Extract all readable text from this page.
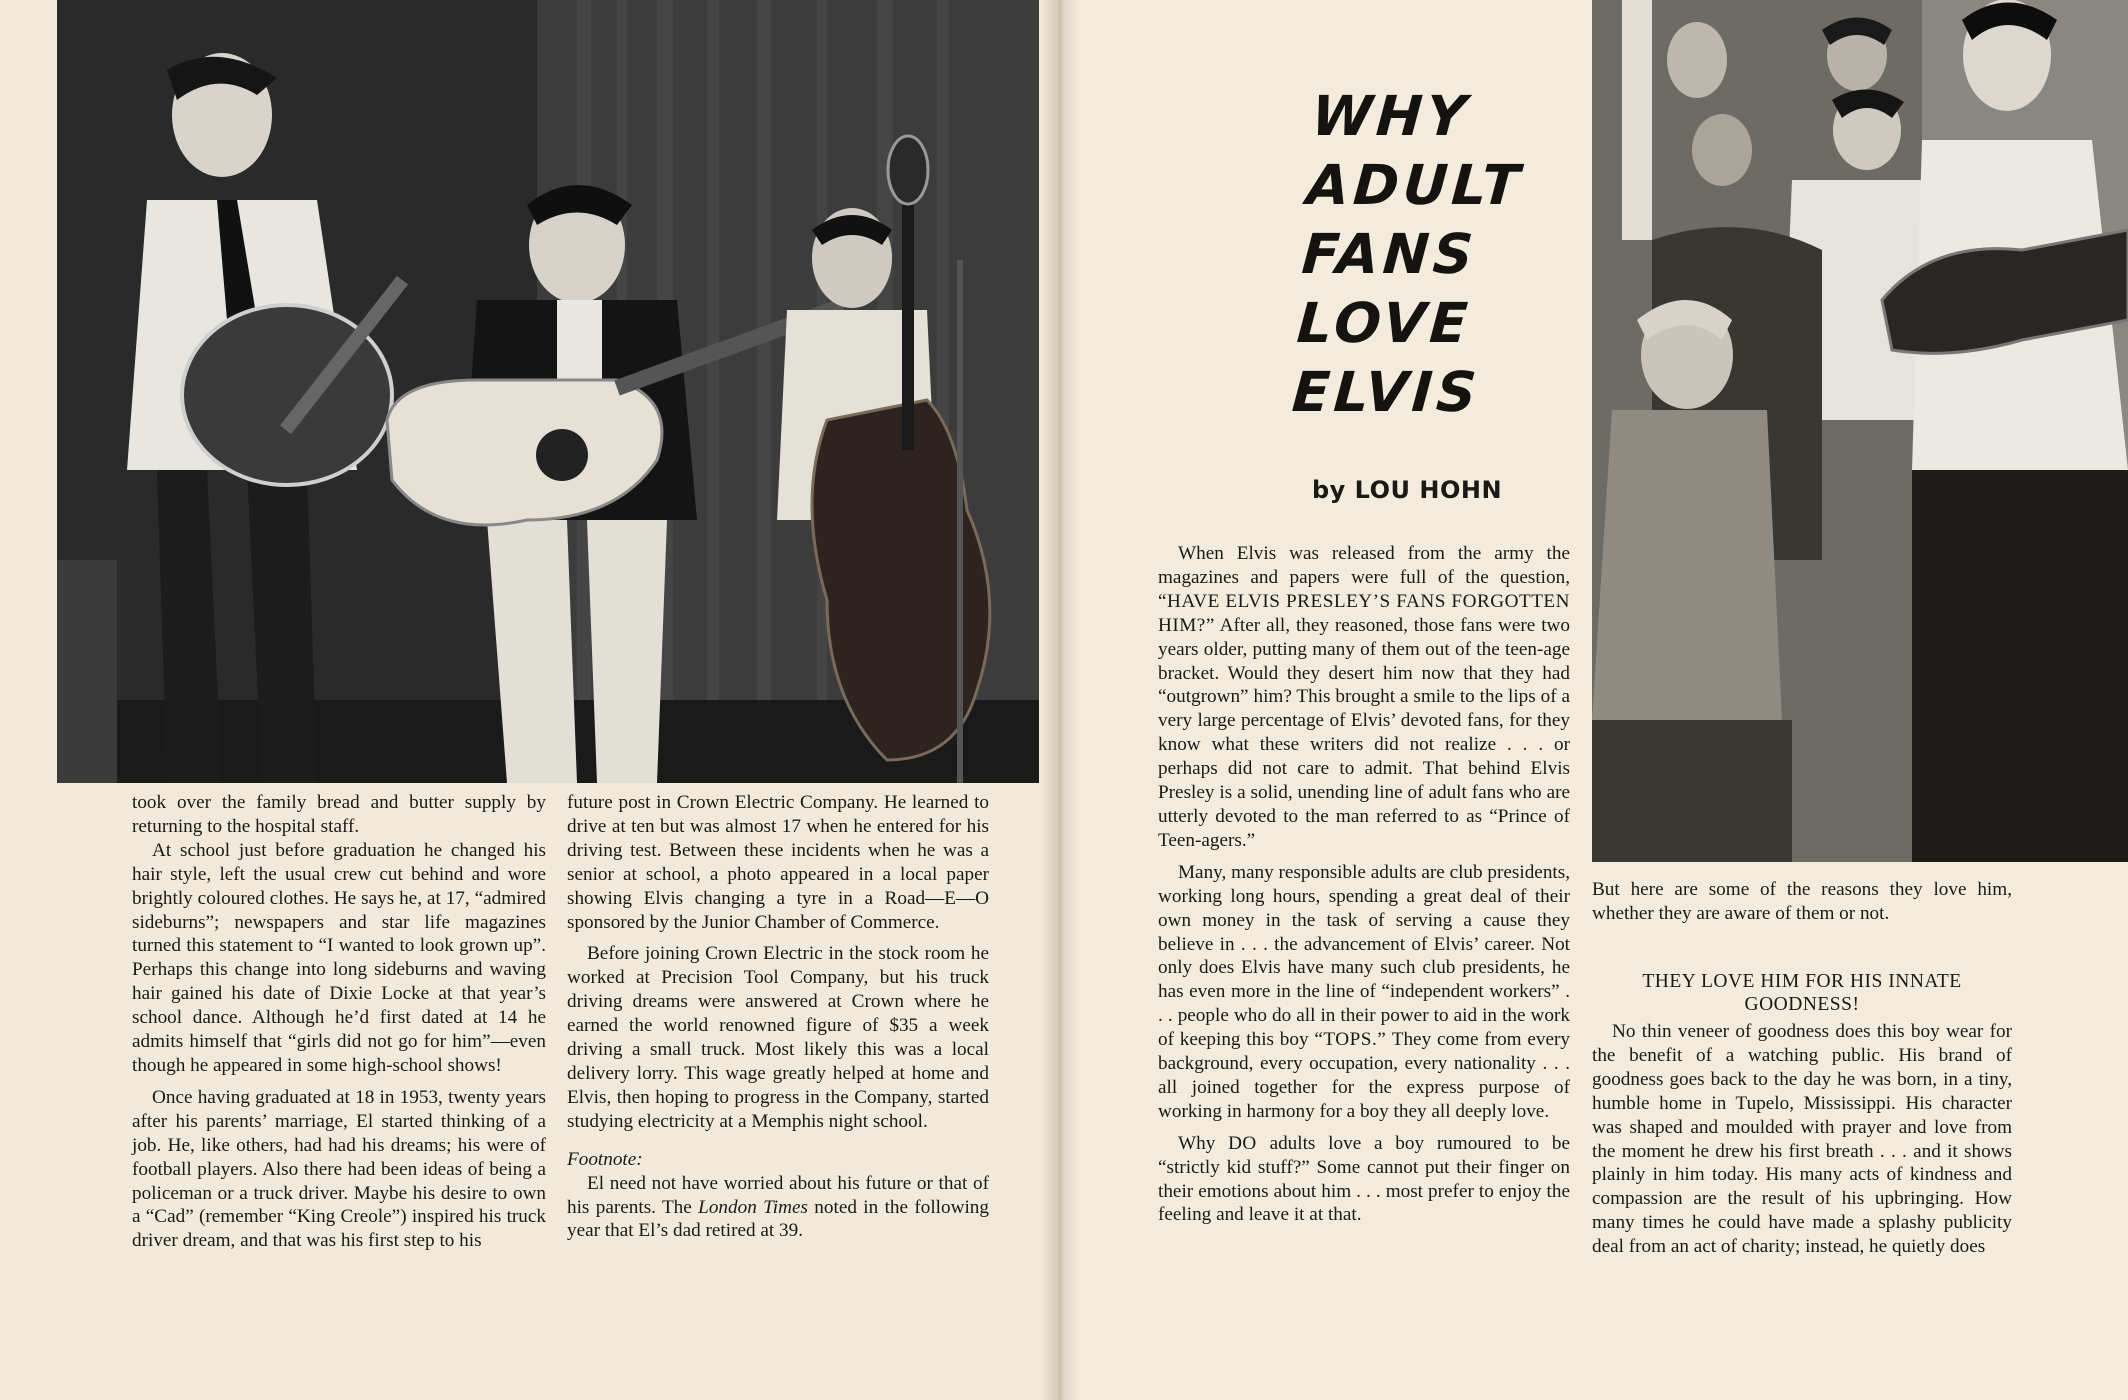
took over the family bread and butter supply by returning to the hospital staff.

At school just before graduation he changed his hair style, left the usual crew cut behind and wore brightly coloured clothes. He says he, at 17, “admired sideburns”; newspapers and star life magazines turned this statement to “I wanted to look grown up”. Perhaps this change into long sideburns and waving hair gained his date of Dixie Locke at that year’s school dance. Although he’d first dated at 14 he admits himself that “girls did not go for him”—even though he appeared in some high-school shows!

Once having graduated at 18 in 1953, twenty years after his parents’ marriage, El started thinking of a job. He, like others, had had his dreams; his were of football players. Also there had been ideas of being a policeman or a truck driver. Maybe his desire to own a “Cad” (remember “King Creole”) inspired his truck driver dream, and that was his first step to his

future post in Crown Electric Company. He learned to drive at ten but was almost 17 when he entered for his driving test. Between these incidents when he was a senior at school, a photo appeared in a local paper showing Elvis changing a tyre in a Road—E—O sponsored by the Junior Chamber of Commerce.

Before joining Crown Electric in the stock room he worked at Precision Tool Company, but his truck driving dreams were answered at Crown where he earned the world renowned figure of $35 a week driving a small truck. Most likely this was a local delivery lorry. This wage greatly helped at home and Elvis, then hoping to progress in the Company, started studying electricity at a Memphis night school.

Footnote:

El need not have worried about his future or that of his parents. The London Times noted in the following year that El’s dad retired at 39.

WHY
ADULT
FANS
LOVE
ELVIS
by LOU HOHN

When Elvis was released from the army the magazines and papers were full of the question, “HAVE ELVIS PRESLEY’S FANS FORGOTTEN HIM?” After all, they reasoned, those fans were two years older, putting many of them out of the teen-age bracket. Would they desert him now that they had “outgrown” him? This brought a smile to the lips of a very large percentage of Elvis’ devoted fans, for they know what these writers did not realize . . . or perhaps did not care to admit. That behind Elvis Presley is a solid, unending line of adult fans who are utterly devoted to the man referred to as “Prince of Teen-agers.”

Many, many responsible adults are club presidents, working long hours, spending a great deal of their own money in the task of serving a cause they believe in . . . the advancement of Elvis’ career. Not only does Elvis have many such club presidents, he has even more in the line of “independent workers” . . . people who do all in their power to aid in the work of keeping this boy “TOPS.” They come from every background, every occupation, every nationality . . . all joined together for the express purpose of working in harmony for a boy they all deeply love.

Why DO adults love a boy rumoured to be “strictly kid stuff?” Some cannot put their finger on their emotions about him . . . most prefer to enjoy the feeling and leave it at that.

But here are some of the reasons they love him, whether they are aware of them or not.

THEY LOVE HIM FOR HIS INNATE
GOODNESS!

No thin veneer of goodness does this boy wear for the benefit of a watching public. His brand of goodness goes back to the day he was born, in a tiny, humble home in Tupelo, Mississippi. His character was shaped and moulded with prayer and love from the moment he drew his first breath . . . and it shows plainly in him today. His many acts of kindness and compassion are the result of his upbringing. How many times he could have made a splashy publicity deal from an act of charity; instead, he quietly does
